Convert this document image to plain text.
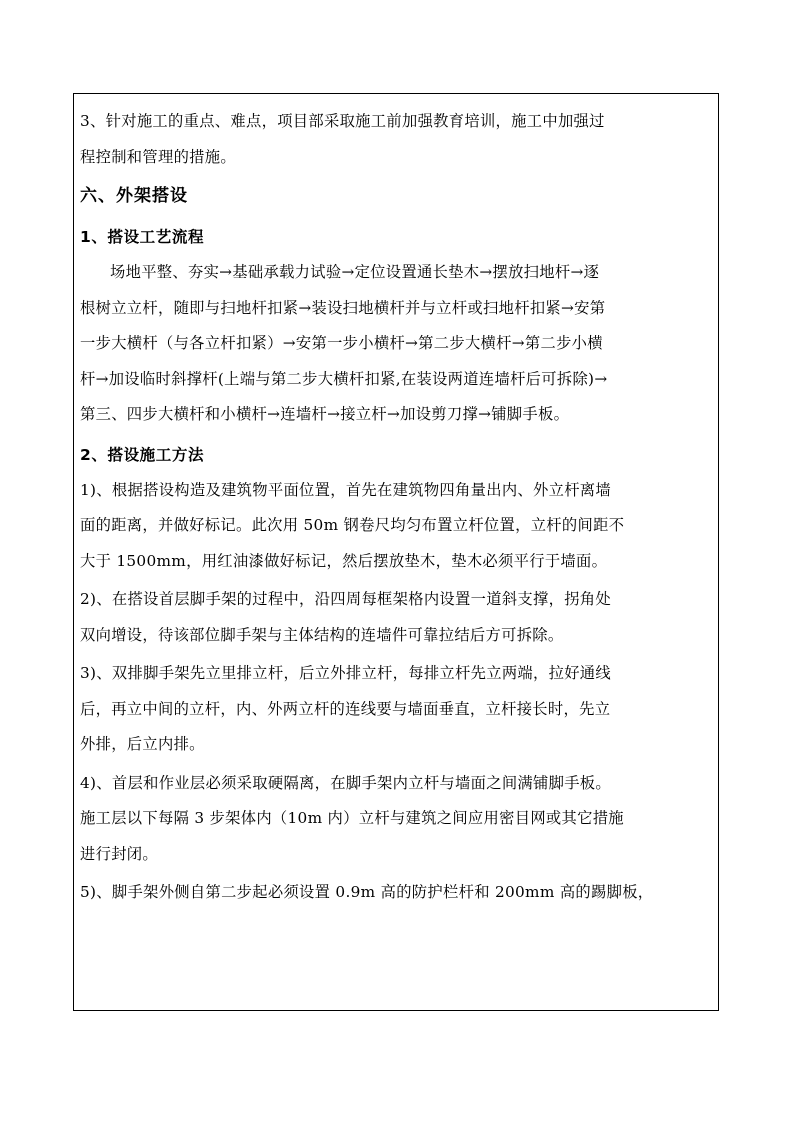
3、针对施工的重点、难点，项目部采取施工前加强教育培训，施工中加强过
程控制和管理的措施。
六、外架搭设
1、搭设工艺流程
场地平整、夯实→基础承载力试验→定位设置通长垫木→摆放扫地杆→逐
根树立立杆，随即与扫地杆扣紧→装设扫地横杆并与立杆或扫地杆扣紧→安第
一步大横杆（与各立杆扣紧）→安第一步小横杆→第二步大横杆→第二步小横
杆→加设临时斜撑杆(上端与第二步大横杆扣紧,在装设两道连墙杆后可拆除)→
第三、四步大横杆和小横杆→连墙杆→接立杆→加设剪刀撑→铺脚手板。
2、搭设施工方法
1)、根据搭设构造及建筑物平面位置，首先在建筑物四角量出内、外立杆离墙
面的距离，并做好标记。此次用 50m 钢卷尺均匀布置立杆位置，立杆的间距不
大于 1500mm，用红油漆做好标记，然后摆放垫木，垫木必须平行于墙面。
2)、在搭设首层脚手架的过程中，沿四周每框架格内设置一道斜支撑，拐角处
双向增设，待该部位脚手架与主体结构的连墙件可靠拉结后方可拆除。
3)、双排脚手架先立里排立杆，后立外排立杆，每排立杆先立两端，拉好通线
后，再立中间的立杆，内、外两立杆的连线要与墙面垂直，立杆接长时，先立
外排，后立内排。
4)、首层和作业层必须采取硬隔离，在脚手架内立杆与墙面之间满铺脚手板。
施工层以下每隔 3 步架体内（10m 内）立杆与建筑之间应用密目网或其它措施
进行封闭。
5)、脚手架外侧自第二步起必须设置 0.9m 高的防护栏杆和 200mm 高的踢脚板，
